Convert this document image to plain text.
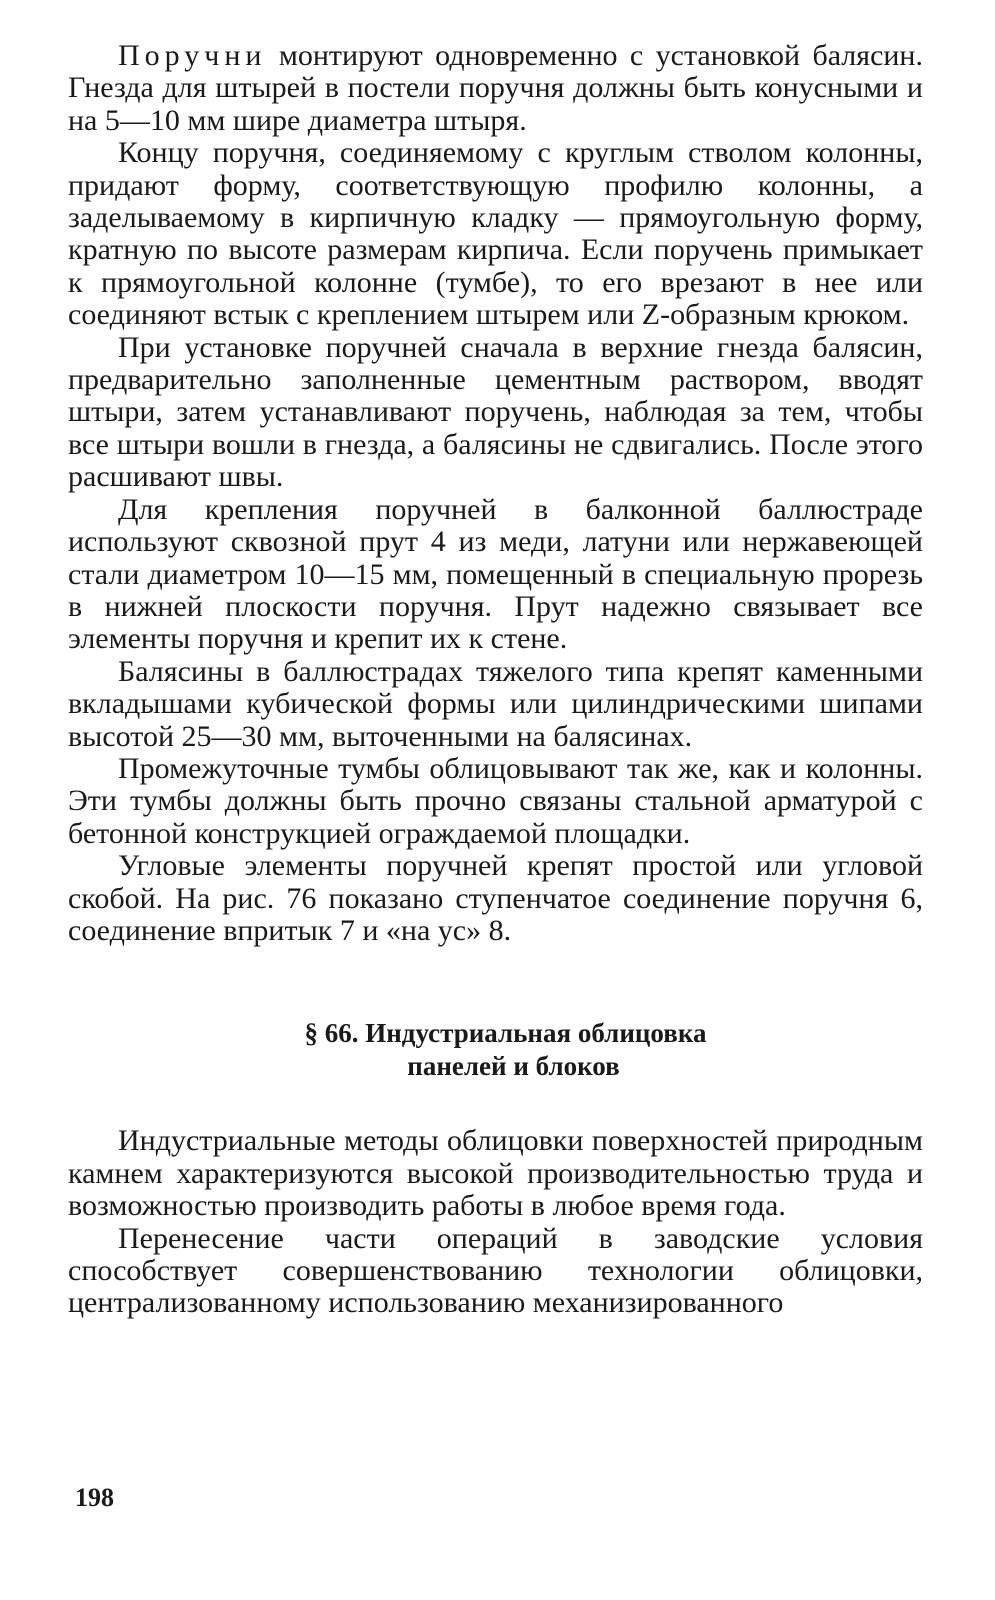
Поручни монтируют одновременно с установкой балясин. Гнезда для штырей в постели поручня должны быть конусными и на 5—10 мм шире диаметра штыря.

Концу поручня, соединяемому с круглым стволом колонны, придают форму, соответствующую профилю колонны, а заделываемому в кирпичную кладку — прямоугольную форму, кратную по высоте размерам кирпича. Если поручень примыкает к прямоугольной колонне (тумбе), то его врезают в нее или соединяют встык с креплением штырем или Z-образным крюком.

При установке поручней сначала в верхние гнезда балясин, предварительно заполненные цементным раствором, вводят штыри, затем устанавливают поручень, наблюдая за тем, чтобы все штыри вошли в гнезда, а балясины не сдвигались. После этого расшивают швы.

Для крепления поручней в балконной баллюстраде используют сквозной прут 4 из меди, латуни или нержавеющей стали диаметром 10—15 мм, помещенный в специальную прорезь в нижней плоскости поручня. Прут надежно связывает все элементы поручня и крепит их к стене.

Балясины в баллюстрадах тяжелого типа крепят каменными вкладышами кубической формы или цилиндрическими шипами высотой 25—30 мм, выточенными на балясинах.

Промежуточные тумбы облицовывают так же, как и колонны. Эти тумбы должны быть прочно связаны стальной арматурой с бетонной конструкцией ограждаемой площадки.

Угловые элементы поручней крепят простой или угловой скобой. На рис. 76 показано ступенчатое соединение поручня 6, соединение впритык 7 и «на ус» 8.

§ 66. Индустриальная облицовка
панелей и блоков

Индустриальные методы облицовки поверхностей природным камнем характеризуются высокой производительностью труда и возможностью производить работы в любое время года.

Перенесение части операций в заводские условия способствует совершенствованию технологии облицовки, централизованному использованию механизированного

198
